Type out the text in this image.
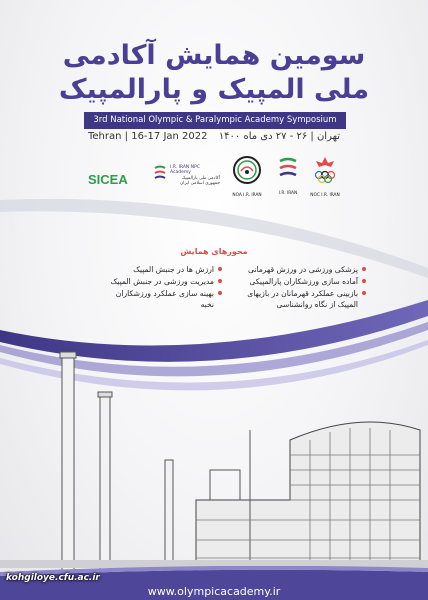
سومین همایش آکادمی
ملی المپیک و پارالمپیک
3rd National Olympic & Paralympic Academy Symposium
تهران | ۲۶ - ۲۷ دی ماه ۱۴۰۰
Tehran | 16-17 Jan 2022
SICEA
I.R. IRAN NPC Academy
آکادمی ملی پارالمپیک جمهوری اسلامی ایران
NOA I.R. IRAN	I.R. IRAN	NOC I.R. IRAN
محورهای همایش
پزشکی ورزشی در ورزش قهرمانی
آماده سازی ورزشکاران پارالمپیکی
بازبینی عملکرد قهرمانان در بازیهای المپیک از نگاه روانشناسی
ارزش ها در جنبش المپیک
مدیریت ورزشی در جنبش المپیک
بهینه سازی عملکرد ورزشکاران نخبه
kohgiloye.cfu.ac.ir
www.olympicacademy.ir
